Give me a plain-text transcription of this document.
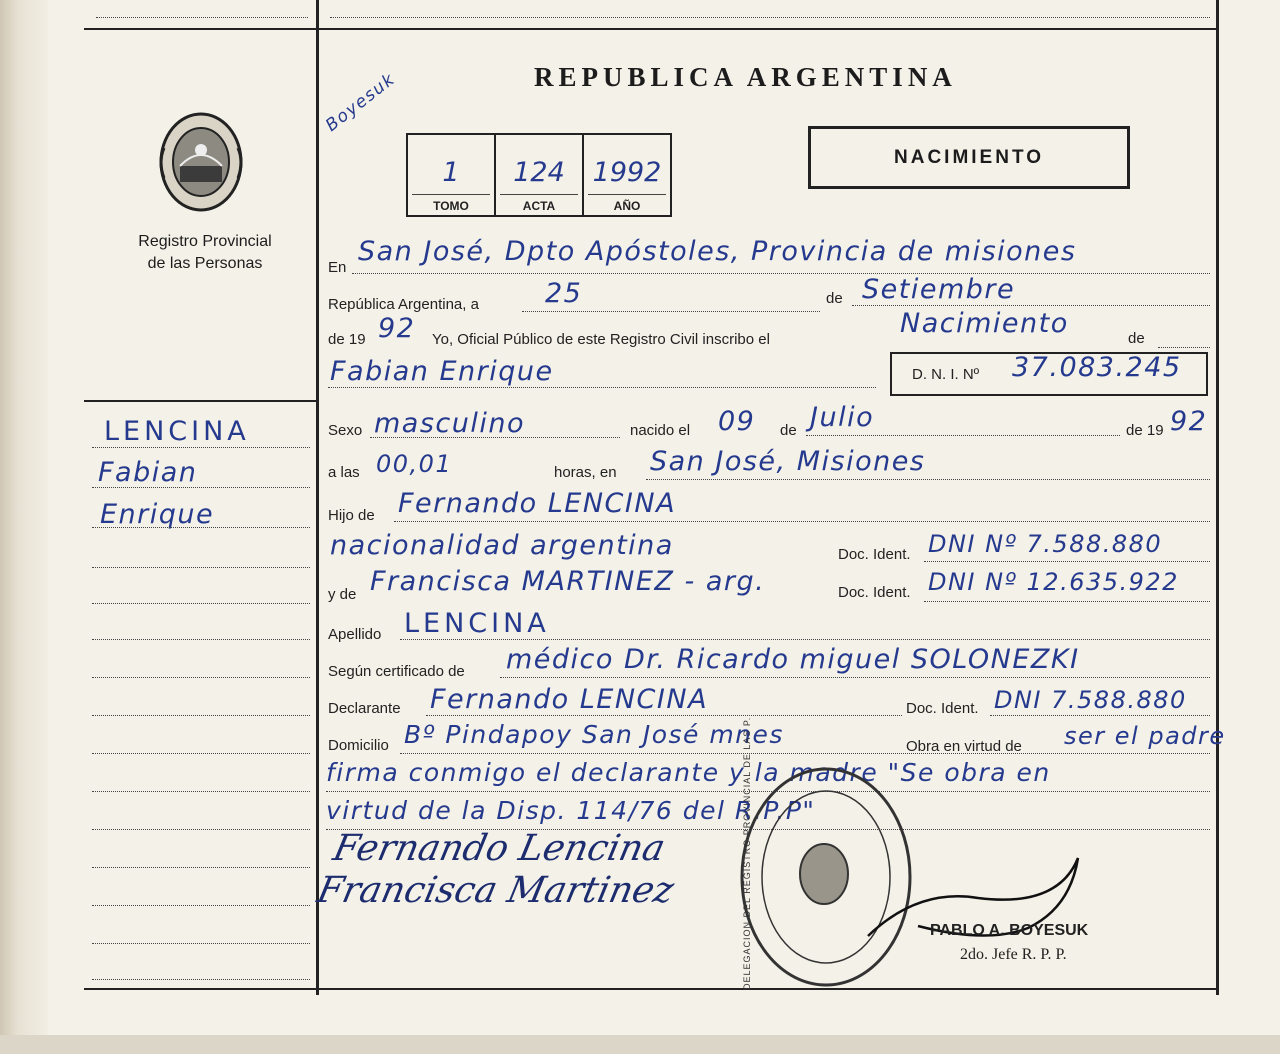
Registro Provincial
de las Personas
LENCINA
Fabian
Enrique
REPUBLICA ARGENTINA
Boyesuk
1
TOMO
124
ACTA
1992
AÑO
NACIMIENTO
En
San José, Dpto Apóstoles, Provincia de misiones
República Argentina, a 25	de Setiembre
de 19 92 Yo, Oficial Público de este Registro Civil inscribo el
Nacimiento	de
Fabian Enrique	D. N. I. Nº 37.083.245
Sexo masculino	nacido el 09 de Julio	de 19 92
a las 00,01	horas, en San José, Misiones
Hijo de Fernando LENCINA
nacionalidad argentina	Doc. Ident. DNI Nº 7.588.880
y de Francisca MARTINEZ - arg.	Doc. Ident. DNI Nº 12.635.922
Apellido LENCINA
Según certificado de médico Dr. Ricardo miguel SOLONEZKI
Declarante Fernando LENCINA	Doc. Ident. DNI 7.588.880
Domicilio Bº Pindapoy San José mnes	Obra en virtud de ser el padre
firma conmigo el declarante y la madre "Se obra en
virtud de la Disp. 114/76 del R.P.P"
Fernando Lencina
Francisca Martinez	DELEGACION DEL REGISTRO PROVINCIAL DE LAS P.	PABLO A. BOYESUK
2do. Jefe R. P. P.
